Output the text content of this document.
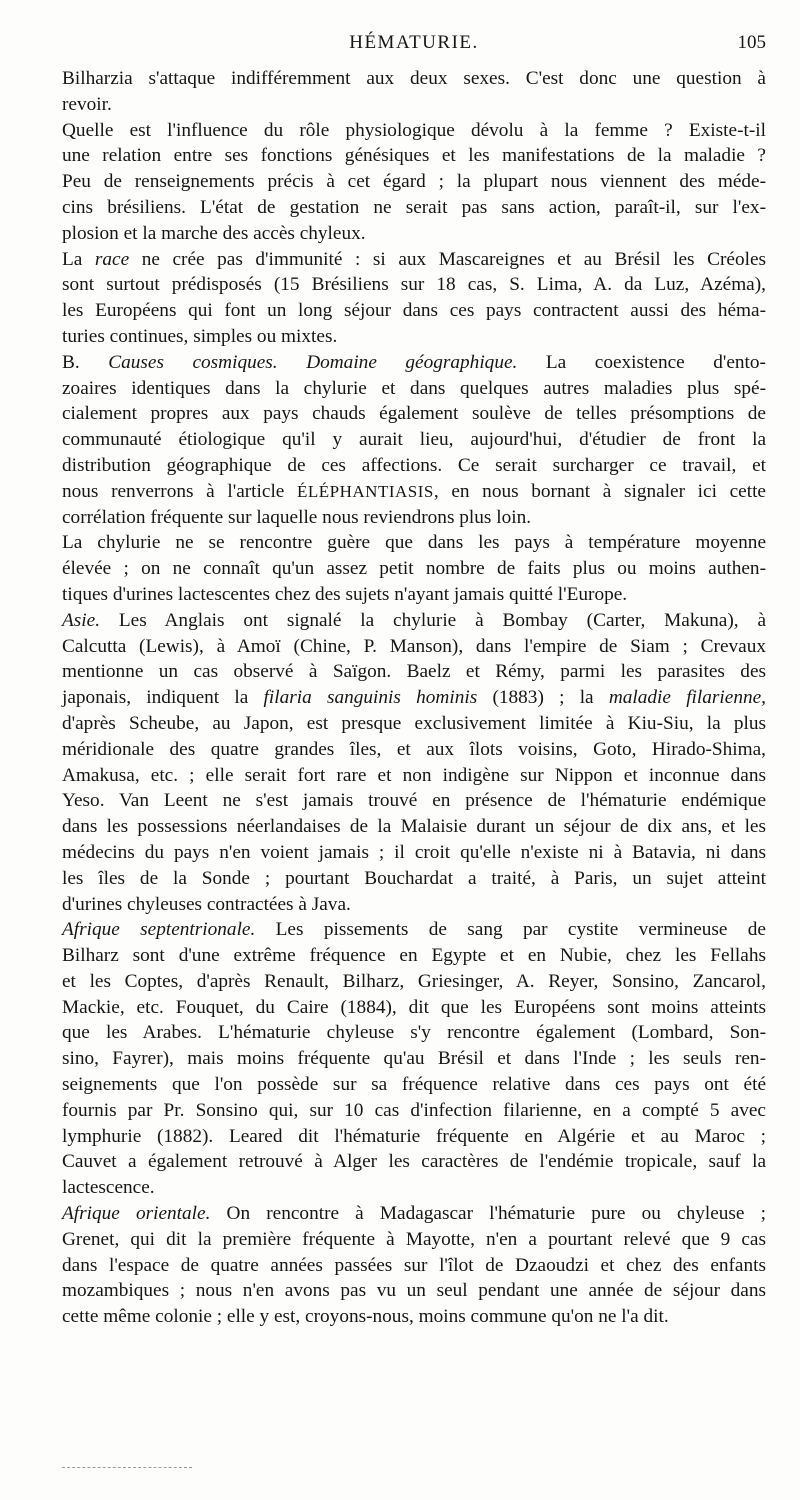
HÉMATURIE.	105
Bilharzia s'attaque indifféremment aux deux sexes. C'est donc une question à
revoir.
Quelle est l'influence du rôle physiologique dévolu à la femme ? Existe-t-il
une relation entre ses fonctions génésiques et les manifestations de la maladie ?
Peu de renseignements précis à cet égard ; la plupart nous viennent des méde-
cins brésiliens. L'état de gestation ne serait pas sans action, paraît-il, sur l'ex-
plosion et la marche des accès chyleux.
La race ne crée pas d'immunité : si aux Mascareignes et au Brésil les Créoles
sont surtout prédisposés (15 Brésiliens sur 18 cas, S. Lima, A. da Luz, Azéma),
les Européens qui font un long séjour dans ces pays contractent aussi des héma-
turies continues, simples ou mixtes.
B. Causes cosmiques. Domaine géographique. La coexistence d'ento-
zoaires identiques dans la chylurie et dans quelques autres maladies plus spé-
cialement propres aux pays chauds également soulève de telles présomptions de
communauté étiologique qu'il y aurait lieu, aujourd'hui, d'étudier de front la
distribution géographique de ces affections. Ce serait surcharger ce travail, et
nous renverrons à l'article ÉLÉPHANTIASIS, en nous bornant à signaler ici cette
corrélation fréquente sur laquelle nous reviendrons plus loin.
La chylurie ne se rencontre guère que dans les pays à température moyenne
élevée ; on ne connaît qu'un assez petit nombre de faits plus ou moins authen-
tiques d'urines lactescentes chez des sujets n'ayant jamais quitté l'Europe.
Asie. Les Anglais ont signalé la chylurie à Bombay (Carter, Makuna), à
Calcutta (Lewis), à Amoï (Chine, P. Manson), dans l'empire de Siam ; Crevaux
mentionne un cas observé à Saïgon. Baelz et Rémy, parmi les parasites des
japonais, indiquent la filaria sanguinis hominis (1883) ; la maladie filarienne,
d'après Scheube, au Japon, est presque exclusivement limitée à Kiu-Siu, la plus
méridionale des quatre grandes îles, et aux îlots voisins, Goto, Hirado-Shima,
Amakusa, etc. ; elle serait fort rare et non indigène sur Nippon et inconnue dans
Yeso. Van Leent ne s'est jamais trouvé en présence de l'hématurie endémique
dans les possessions néerlandaises de la Malaisie durant un séjour de dix ans, et les
médecins du pays n'en voient jamais ; il croit qu'elle n'existe ni à Batavia, ni dans
les îles de la Sonde ; pourtant Bouchardat a traité, à Paris, un sujet atteint
d'urines chyleuses contractées à Java.
Afrique septentrionale. Les pissements de sang par cystite vermineuse de
Bilharz sont d'une extrême fréquence en Egypte et en Nubie, chez les Fellahs
et les Coptes, d'après Renault, Bilharz, Griesinger, A. Reyer, Sonsino, Zancarol,
Mackie, etc. Fouquet, du Caire (1884), dit que les Européens sont moins atteints
que les Arabes. L'hématurie chyleuse s'y rencontre également (Lombard, Son-
sino, Fayrer), mais moins fréquente qu'au Brésil et dans l'Inde ; les seuls ren-
seignements que l'on possède sur sa fréquence relative dans ces pays ont été
fournis par Pr. Sonsino qui, sur 10 cas d'infection filarienne, en a compté 5 avec
lymphurie (1882). Leared dit l'hématurie fréquente en Algérie et au Maroc ;
Cauvet a également retrouvé à Alger les caractères de l'endémie tropicale, sauf la
lactescence.
Afrique orientale. On rencontre à Madagascar l'hématurie pure ou chyleuse ;
Grenet, qui dit la première fréquente à Mayotte, n'en a pourtant relevé que 9 cas
dans l'espace de quatre années passées sur l'îlot de Dzaoudzi et chez des enfants
mozambiques ; nous n'en avons pas vu un seul pendant une année de séjour dans
cette même colonie ; elle y est, croyons-nous, moins commune qu'on ne l'a dit.
